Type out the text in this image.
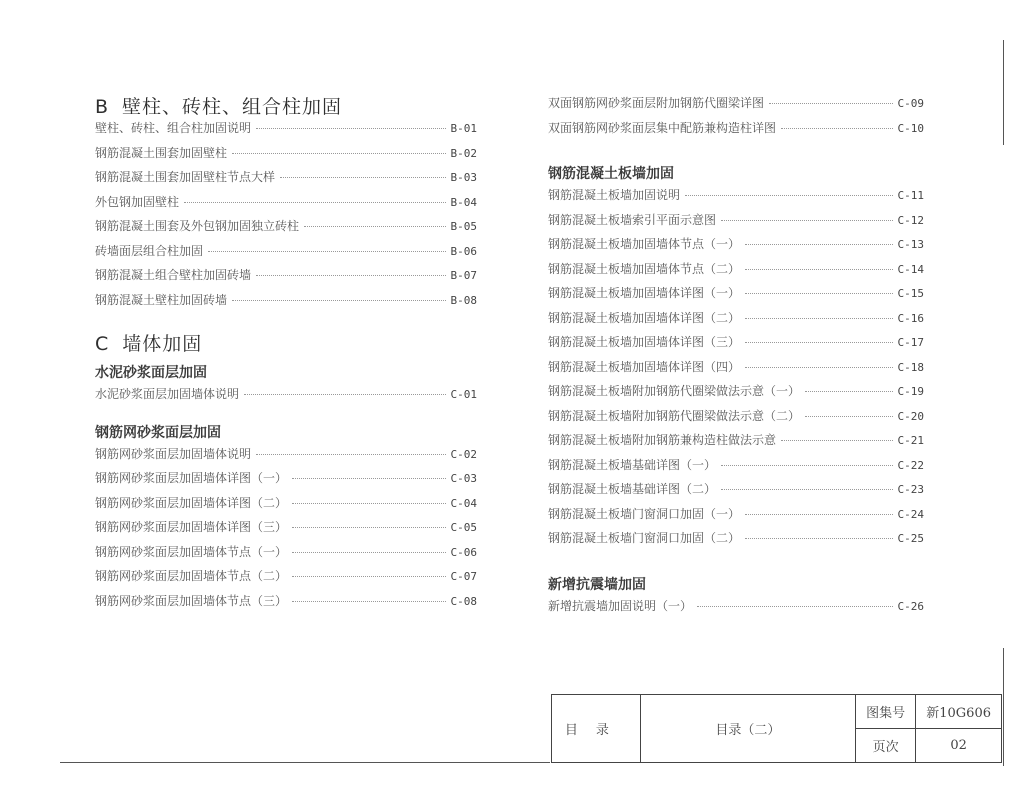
B 壁柱、砖柱、组合柱加固
壁柱、砖柱、组合柱加固说明	B-01
钢筋混凝土围套加固壁柱	B-02
钢筋混凝土围套加固壁柱节点大样	B-03
外包钢加固壁柱	B-04
钢筋混凝土围套及外包钢加固独立砖柱	B-05
砖墙面层组合柱加固	B-06
钢筋混凝土组合壁柱加固砖墙	B-07
钢筋混凝土壁柱加固砖墙	B-08
C 墙体加固
水泥砂浆面层加固
水泥砂浆面层加固墙体说明	C-01
钢筋网砂浆面层加固
钢筋网砂浆面层加固墙体说明	C-02
钢筋网砂浆面层加固墙体详图（一）	C-03
钢筋网砂浆面层加固墙体详图（二）	C-04
钢筋网砂浆面层加固墙体详图（三）	C-05
钢筋网砂浆面层加固墙体节点（一）	C-06
钢筋网砂浆面层加固墙体节点（二）	C-07
钢筋网砂浆面层加固墙体节点（三）	C-08
双面钢筋网砂浆面层附加钢筋代圈梁详图	C-09
双面钢筋网砂浆面层集中配筋兼构造柱详图	C-10
钢筋混凝土板墙加固
钢筋混凝土板墙加固说明	C-11
钢筋混凝土板墙索引平面示意图	C-12
钢筋混凝土板墙加固墙体节点（一）	C-13
钢筋混凝土板墙加固墙体节点（二）	C-14
钢筋混凝土板墙加固墙体详图（一）	C-15
钢筋混凝土板墙加固墙体详图（二）	C-16
钢筋混凝土板墙加固墙体详图（三）	C-17
钢筋混凝土板墙加固墙体详图（四）	C-18
钢筋混凝土板墙附加钢筋代圈梁做法示意（一）	C-19
钢筋混凝土板墙附加钢筋代圈梁做法示意（二）	C-20
钢筋混凝土板墙附加钢筋兼构造柱做法示意	C-21
钢筋混凝土板墙基础详图（一）	C-22
钢筋混凝土板墙基础详图（二）	C-23
钢筋混凝土板墙门窗洞口加固（一）	C-24
钢筋混凝土板墙门窗洞口加固（二）	C-25
新增抗震墙加固
新增抗震墙加固说明（一）	C-26
目录	目录（二）	图集号	新10G606
		页次	02
